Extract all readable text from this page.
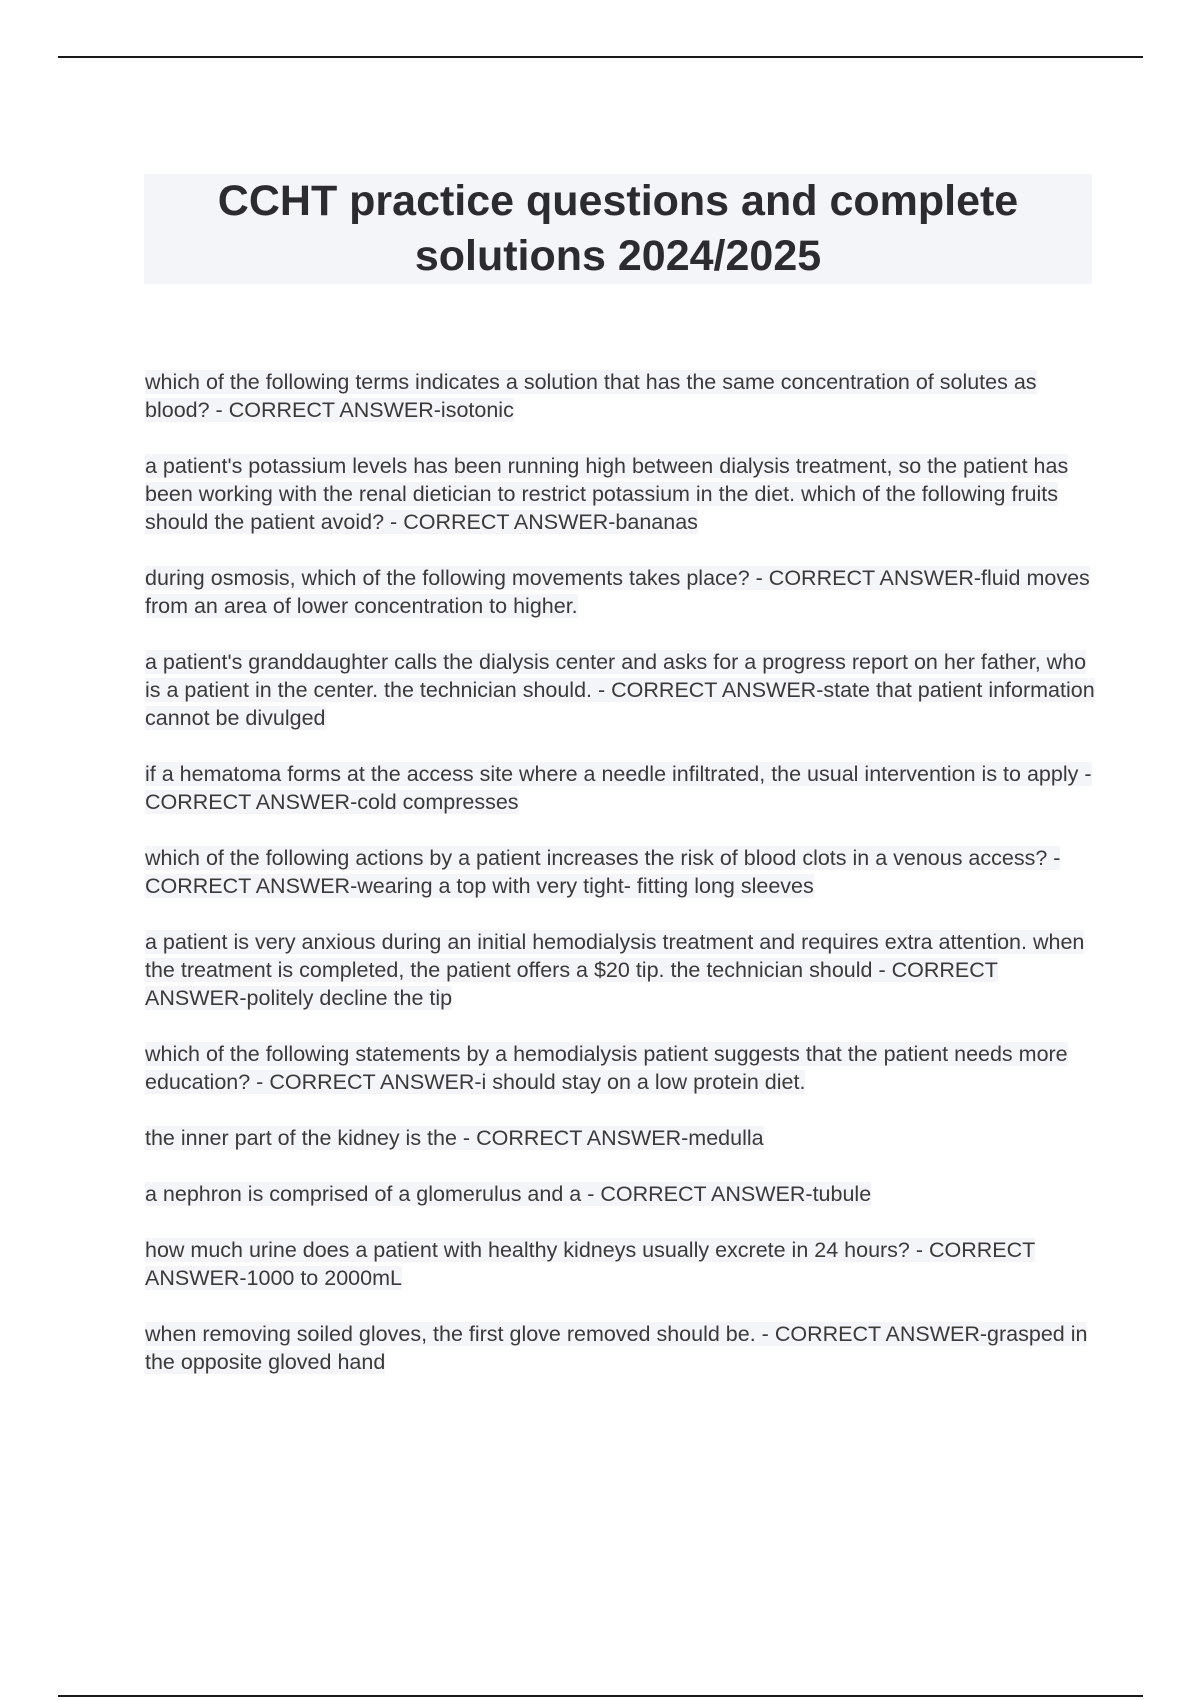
CCHT practice questions and complete solutions 2024/2025

which of the following terms indicates a solution that has the same concentration of solutes as blood? - CORRECT ANSWER-isotonic

a patient's potassium levels has been running high between dialysis treatment, so the patient has been working with the renal dietician to restrict potassium in the diet. which of the following fruits should the patient avoid? - CORRECT ANSWER-bananas

during osmosis, which of the following movements takes place? - CORRECT ANSWER-fluid moves from an area of lower concentration to higher.

a patient's granddaughter calls the dialysis center and asks for a progress report on her father, who is a patient in the center. the technician should. - CORRECT ANSWER-state that patient information cannot be divulged

if a hematoma forms at the access site where a needle infiltrated, the usual intervention is to apply - CORRECT ANSWER-cold compresses

which of the following actions by a patient increases the risk of blood clots in a venous access? - CORRECT ANSWER-wearing a top with very tight- fitting long sleeves

a patient is very anxious during an initial hemodialysis treatment and requires extra attention. when the treatment is completed, the patient offers a $20 tip. the technician should - CORRECT ANSWER-politely decline the tip

which of the following statements by a hemodialysis patient suggests that the patient needs more education? - CORRECT ANSWER-i should stay on a low protein diet.

the inner part of the kidney is the - CORRECT ANSWER-medulla

a nephron is comprised of a glomerulus and a - CORRECT ANSWER-tubule

how much urine does a patient with healthy kidneys usually excrete in 24 hours? - CORRECT ANSWER-1000 to 2000mL

when removing soiled gloves, the first glove removed should be. - CORRECT ANSWER-grasped in the opposite gloved hand
